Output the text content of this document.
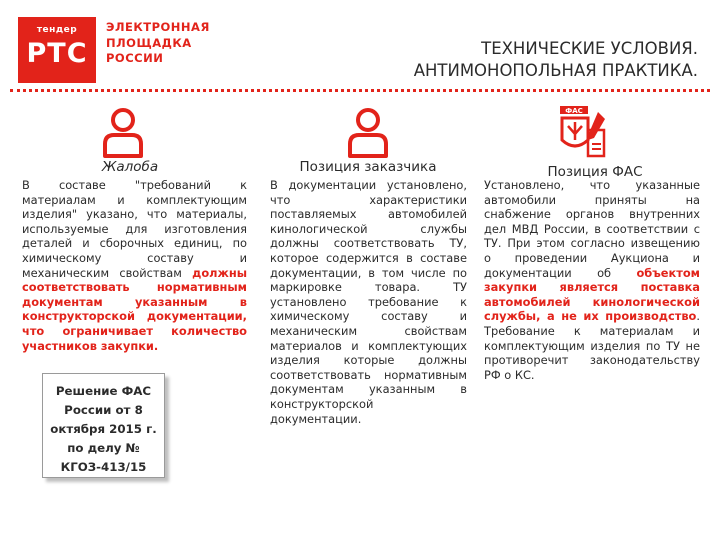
тендер
РТС
ЭЛЕКТРОННАЯ
ПЛОЩАДКА
РОССИИ	ТЕХНИЧЕСКИЕ УСЛОВИЯ.
АНТИМОНОПОЛЬНАЯ ПРАКТИКА.
ФАС
Жалоба	Позиция заказчика	Позиция ФАС
В составе "требований к материалам и комплектующим изделия" указано, что материалы, используемые для изготовления деталей и сборочных единиц, по химическому составу и механическим свойствам должны соответствовать нормативным документам указанным в конструкторской документации, что ограничивает количество участников закупки.
Решение ФАС России от 8 октября 2015 г. по делу № КГОЗ-413/15
В документации установлено, что характеристики поставляемых автомобилей кинологической службы должны соответствовать ТУ, которое содержится в составе документации, в том числе по маркировке товара. ТУ установлено требование к химическому составу и механическим свойствам материалов и комплектующих изделия которые должны соответствовать нормативным документам указанным в конструкторской документации.
Установлено, что указанные автомобили приняты на снабжение органов внутренних дел МВД России, в соответствии с ТУ. При этом согласно извещению о проведении Аукциона и документации об объектом закупки является поставка автомобилей кинологической службы, а не их производство. Требование к материалам и комплектующим изделия по ТУ не противоречит законодательству РФ о КС.
